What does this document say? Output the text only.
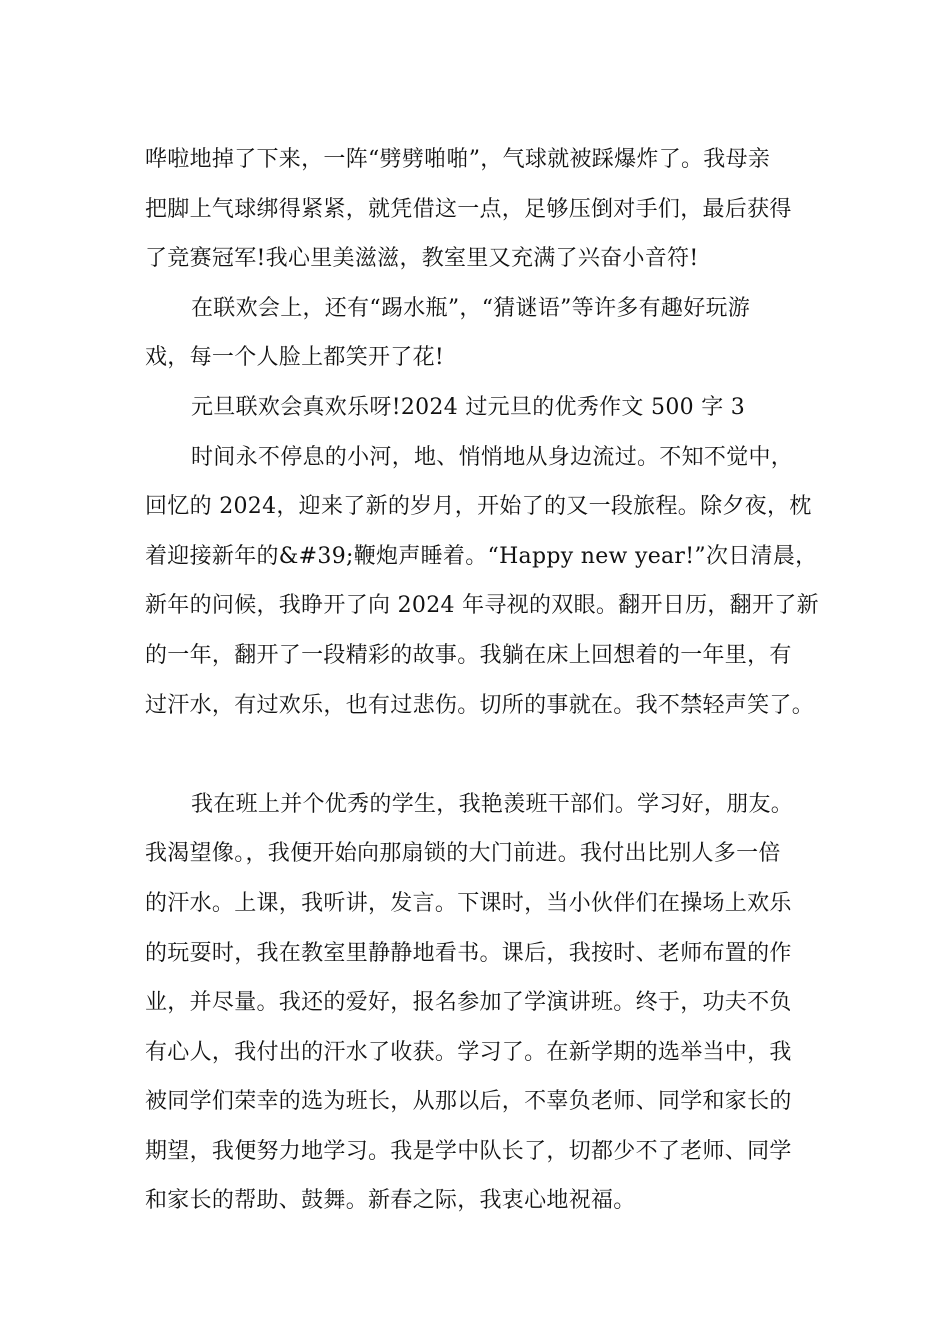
哗啦地掉了下来，一阵“劈劈啪啪”，气球就被踩爆炸了。我母亲

把脚上气球绑得紧紧，就凭借这一点，足够压倒对手们，最后获得

了竞赛冠军!我心里美滋滋，教室里又充满了兴奋小音符!

在联欢会上，还有“踢水瓶”，“猜谜语”等许多有趣好玩游

戏，每一个人脸上都笑开了花!

元旦联欢会真欢乐呀!2024 过元旦的优秀作文 500 字 3

时间永不停息的小河，地、悄悄地从身边流过。不知不觉中，

回忆的 2024，迎来了新的岁月，开始了的又一段旅程。除夕夜，枕

着迎接新年的&#39;鞭炮声睡着。“Happy new year!”次日清晨，

新年的问候，我睁开了向 2024 年寻视的双眼。翻开日历，翻开了新

的一年，翻开了一段精彩的故事。我躺在床上回想着的一年里，有

过汗水，有过欢乐，也有过悲伤。切所的事就在。我不禁轻声笑了。

我在班上并个优秀的学生，我艳羡班干部们。学习好，朋友。

我渴望像。，我便开始向那扇锁的大门前进。我付出比别人多一倍

的汗水。上课，我听讲，发言。下课时，当小伙伴们在操场上欢乐

的玩耍时，我在教室里静静地看书。课后，我按时、老师布置的作

业，并尽量。我还的爱好，报名参加了学演讲班。终于，功夫不负

有心人，我付出的汗水了收获。学习了。在新学期的选举当中，我

被同学们荣幸的选为班长，从那以后，不辜负老师、同学和家长的

期望，我便努力地学习。我是学中队长了，切都少不了老师、同学

和家长的帮助、鼓舞。新春之际，我衷心地祝福。
